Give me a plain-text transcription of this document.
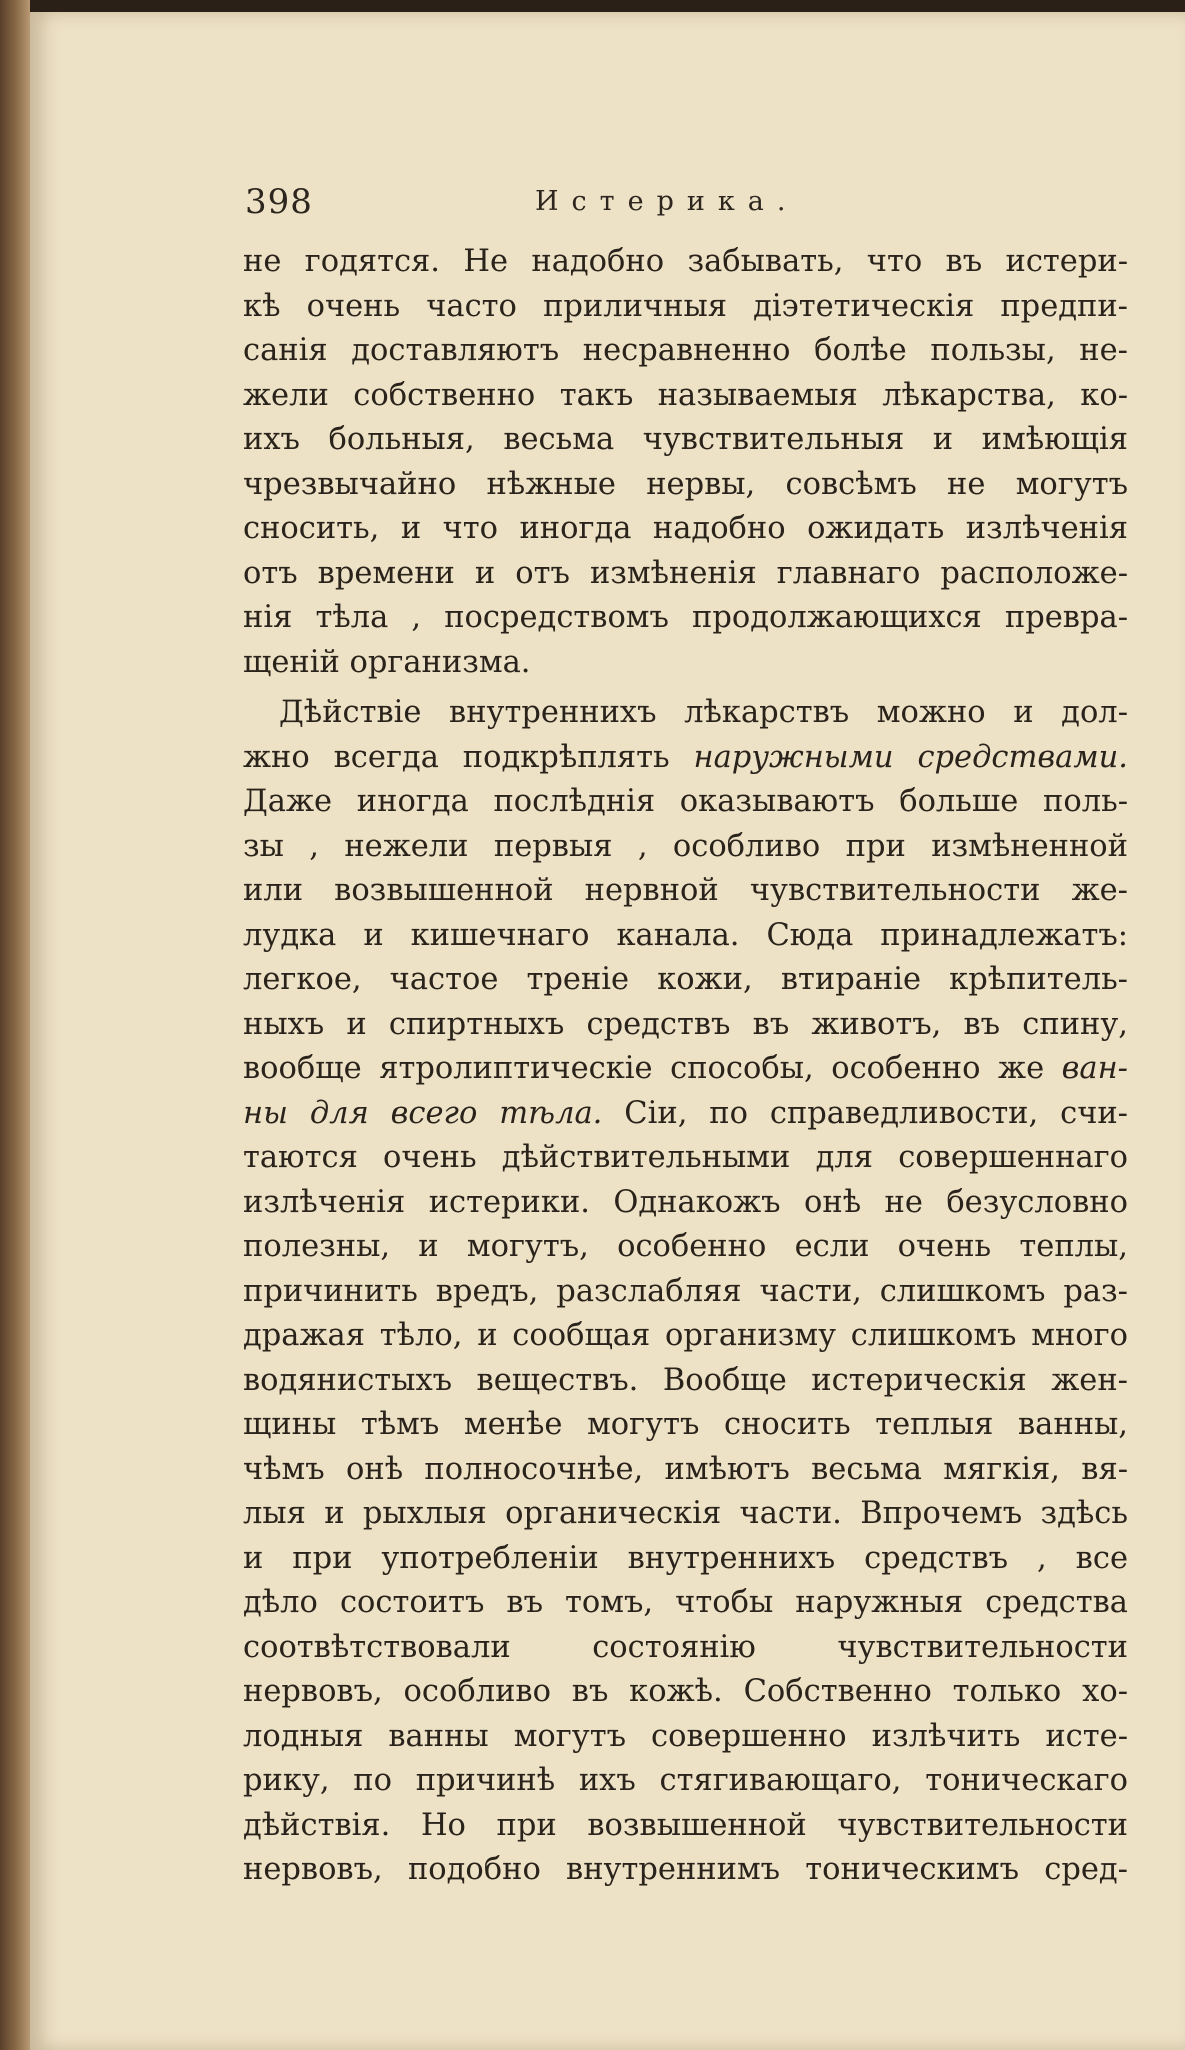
398	Истерика.
не годятся. Не надобно забывать, что въ истери-
кѣ очень часто приличныя діэтетическія предпи-
санія доставляютъ несравненно болѣе пользы, не-
жели собственно такъ называемыя лѣкарства, ко-
ихъ больныя, весьма чувствительныя и имѣющія
чрезвычайно нѣжные нервы, совсѣмъ не могутъ
сносить, и что иногда надобно ожидать излѣченія
отъ времени и отъ измѣненія главнаго расположе-
нія тѣла , посредствомъ продолжающихся превра-
щеній организма.
Дѣйствіе внутреннихъ лѣкарствъ можно и дол-
жно всегда подкрѣплять наружными средствами.
Даже иногда послѣднія оказываютъ больше поль-
зы , нежели первыя , особливо при измѣненной
или возвышенной нервной чувствительности же-
лудка и кишечнаго канала. Сюда принадлежатъ:
легкое, частое треніе кожи, втираніе крѣпитель-
ныхъ и спиртныхъ средствъ въ животъ, въ спину,
вообще ятролиптическіе способы, особенно же ван-
ны для всего тѣла. Сіи, по справедливости, счи-
таются очень дѣйствительными для совершеннаго
излѣченія истерики. Однакожъ онѣ не безусловно
полезны, и могутъ, особенно если очень теплы,
причинить вредъ, разслабляя части, слишкомъ раз-
дражая тѣло, и сообщая организму слишкомъ много
водянистыхъ веществъ. Вообще истерическія жен-
щины тѣмъ менѣе могутъ сносить теплыя ванны,
чѣмъ онѣ полносочнѣе, имѣютъ весьма мягкія, вя-
лыя и рыхлыя органическія части. Впрочемъ здѣсь
и при употребленіи внутреннихъ средствъ , все
дѣло состоитъ въ томъ, чтобы наружныя средства
соотвѣтствовали состоянію чувствительности
нервовъ, особливо въ кожѣ. Собственно только хо-
лодныя ванны могутъ совершенно излѣчить исте-
рику, по причинѣ ихъ стягивающаго, тоническаго
дѣйствія. Но при возвышенной чувствительности
нервовъ, подобно внутреннимъ тоническимъ сред-
